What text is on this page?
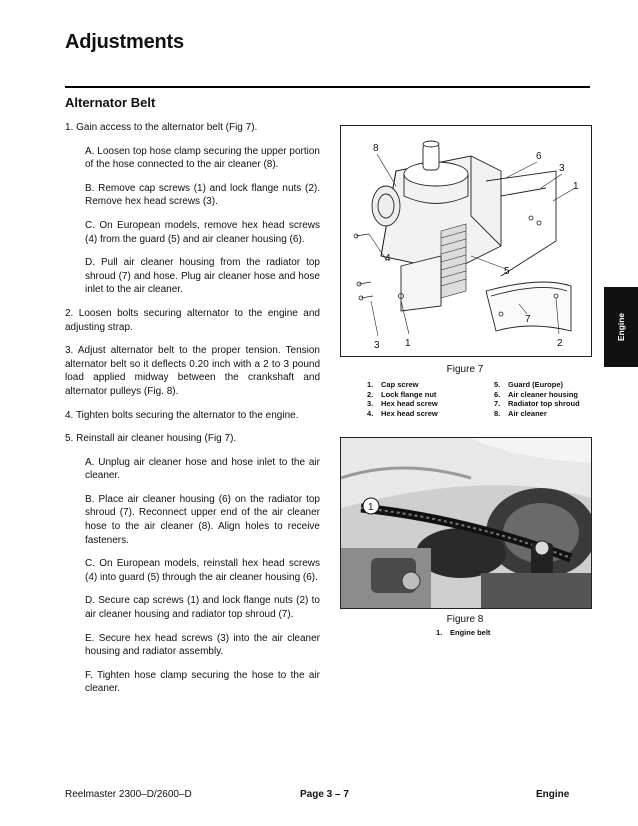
Adjustments
Alternator Belt

1. Gain access to the alternator belt (Fig 7).

A. Loosen top hose clamp securing the upper portion of the hose connected to the air cleaner (8).

B. Remove cap screws (1) and lock flange nuts (2). Remove hex head screws (3).

C. On European models, remove hex head screws (4) from the guard (5) and air cleaner housing (6).

D. Pull air cleaner housing from the radiator top shroud (7) and hose. Plug air cleaner hose and hose inlet to the air cleaner.

2. Loosen bolts securing alternator to the engine and adjusting strap.

3. Adjust alternator belt to the proper tension. Tension alternator belt so it deflects 0.20 inch with a 2 to 3 pound load applied midway between the crankshaft and alternator pulleys (Fig. 8).

4. Tighten bolts securing the alternator to the engine.

5. Reinstall air cleaner housing (Fig 7).

A. Unplug air cleaner hose and hose inlet to the air cleaner.

B. Place air cleaner housing (6) on the radiator top shroud (7). Reconnect upper end of the air cleaner hose to the air cleaner (8). Align holes to receive fasteners.

C. On European models, reinstall hex head screws (4) into guard (5) through the air cleaner housing (6).

D. Secure cap screws (1) and lock flange nuts (2) to air cleaner housing and radiator top shroud (7).

E. Secure hex head screws (3) into the air cleaner housing and radiator assembly.

F. Tighten hose clamp securing the hose to the air cleaner.

8
6
3
1
4
5
7
3	1	2
Figure 7
1. Cap screw
2. Lock flange nut
3. Hex head screw
4. Hex head screw
5. Guard (Europe)
6. Air cleaner housing
7. Radiator top shroud
8. Air cleaner
1
Figure 8
1. Engine belt
Engine
Reelmaster 2300–D/2600–D	Page 3 – 7	Engine
